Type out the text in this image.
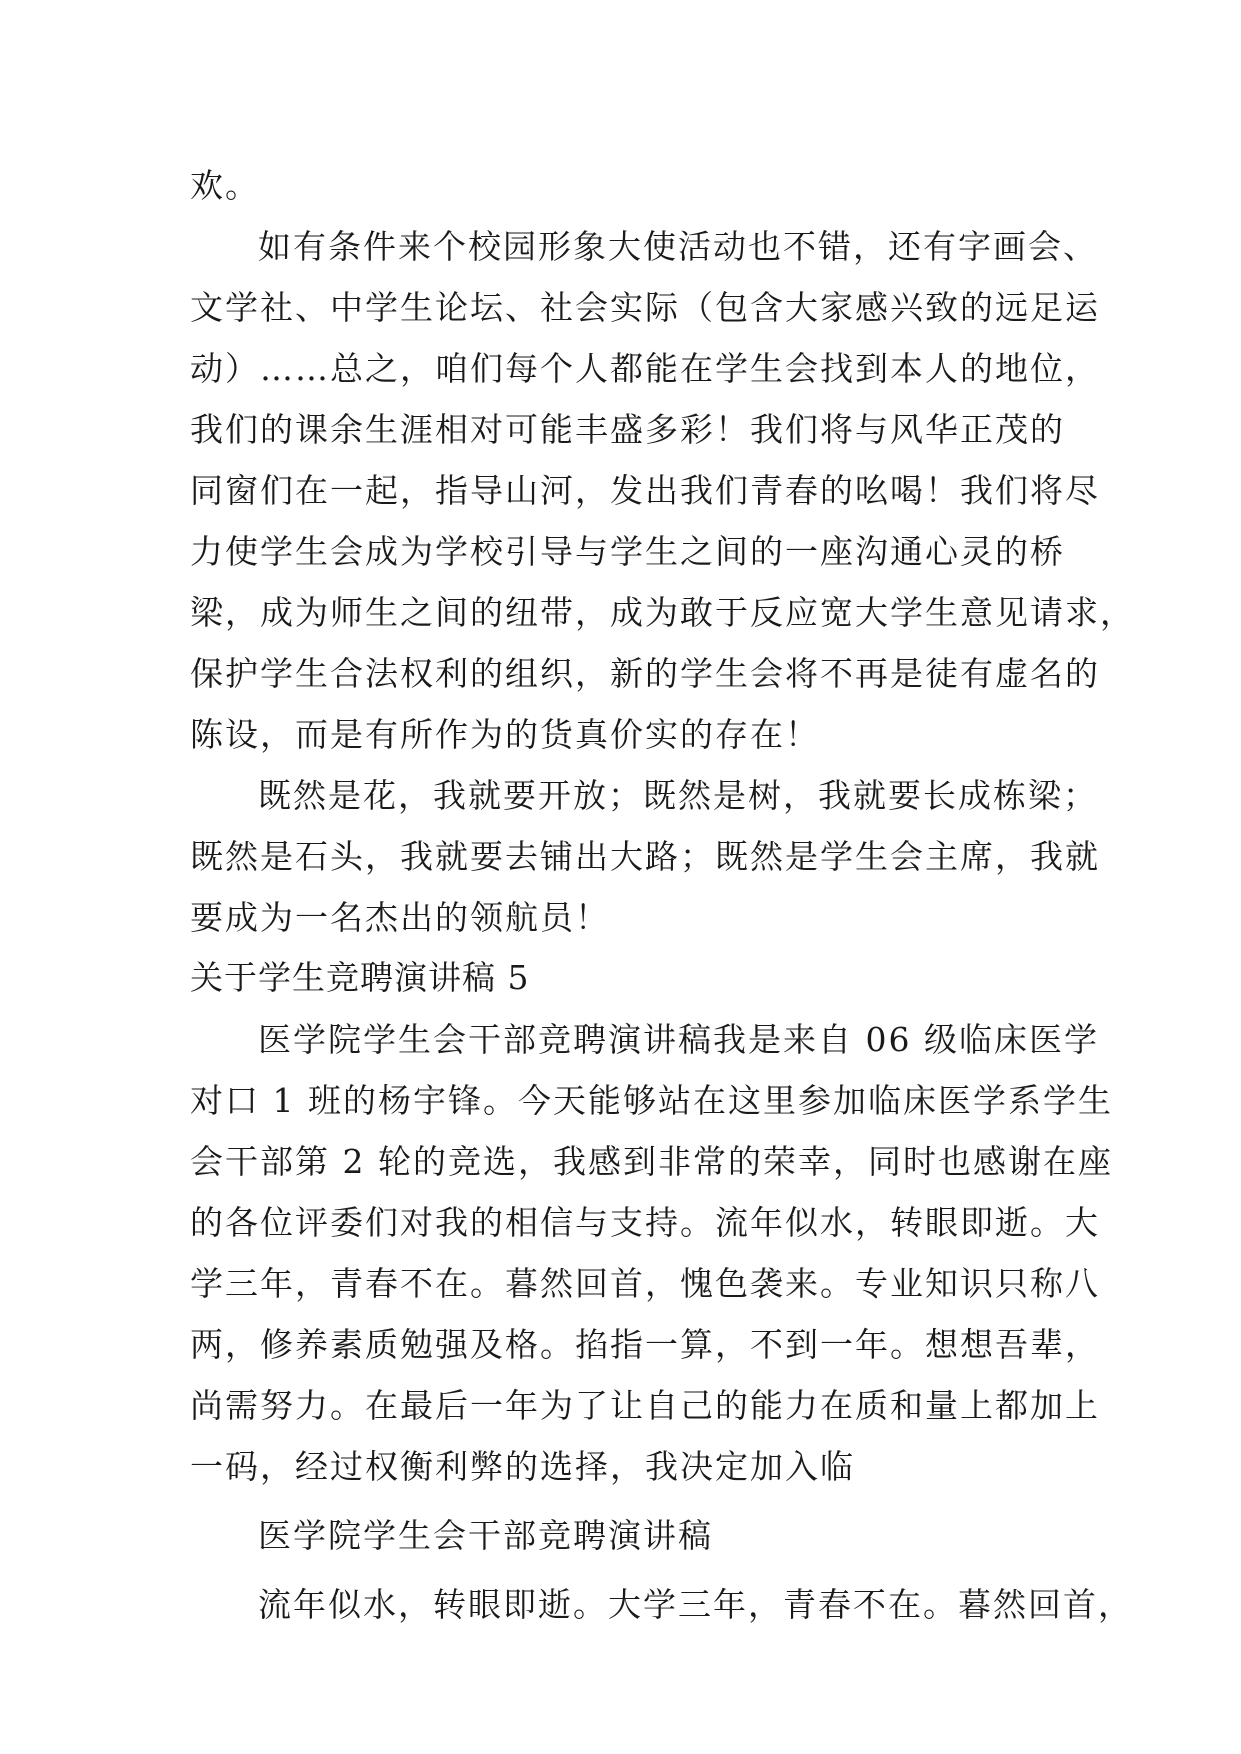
欢。
如有条件来个校园形象大使活动也不错，还有字画会、
文学社、中学生论坛、社会实际（包含大家感兴致的远足运
动）……总之，咱们每个人都能在学生会找到本人的地位，
我们的课余生涯相对可能丰盛多彩！我们将与风华正茂的
同窗们在一起，指导山河，发出我们青春的吆喝！我们将尽
力使学生会成为学校引导与学生之间的一座沟通心灵的桥
梁，成为师生之间的纽带，成为敢于反应宽大学生意见请求，
保护学生合法权利的组织，新的学生会将不再是徒有虚名的
陈设，而是有所作为的货真价实的存在！
既然是花，我就要开放；既然是树，我就要长成栋梁；
既然是石头，我就要去铺出大路；既然是学生会主席，我就
要成为一名杰出的领航员！
关于学生竞聘演讲稿 5
医学院学生会干部竞聘演讲稿我是来自 06 级临床医学
对口 1 班的杨宇锋。今天能够站在这里参加临床医学系学生
会干部第 2 轮的竞选，我感到非常的荣幸，同时也感谢在座
的各位评委们对我的相信与支持。流年似水，转眼即逝。大
学三年，青春不在。暮然回首，愧色袭来。专业知识只称八
两，修养素质勉强及格。掐指一算，不到一年。想想吾辈，
尚需努力。在最后一年为了让自己的能力在质和量上都加上
一码，经过权衡利弊的选择，我决定加入临
医学院学生会干部竞聘演讲稿
流年似水，转眼即逝。大学三年，青春不在。暮然回首，
